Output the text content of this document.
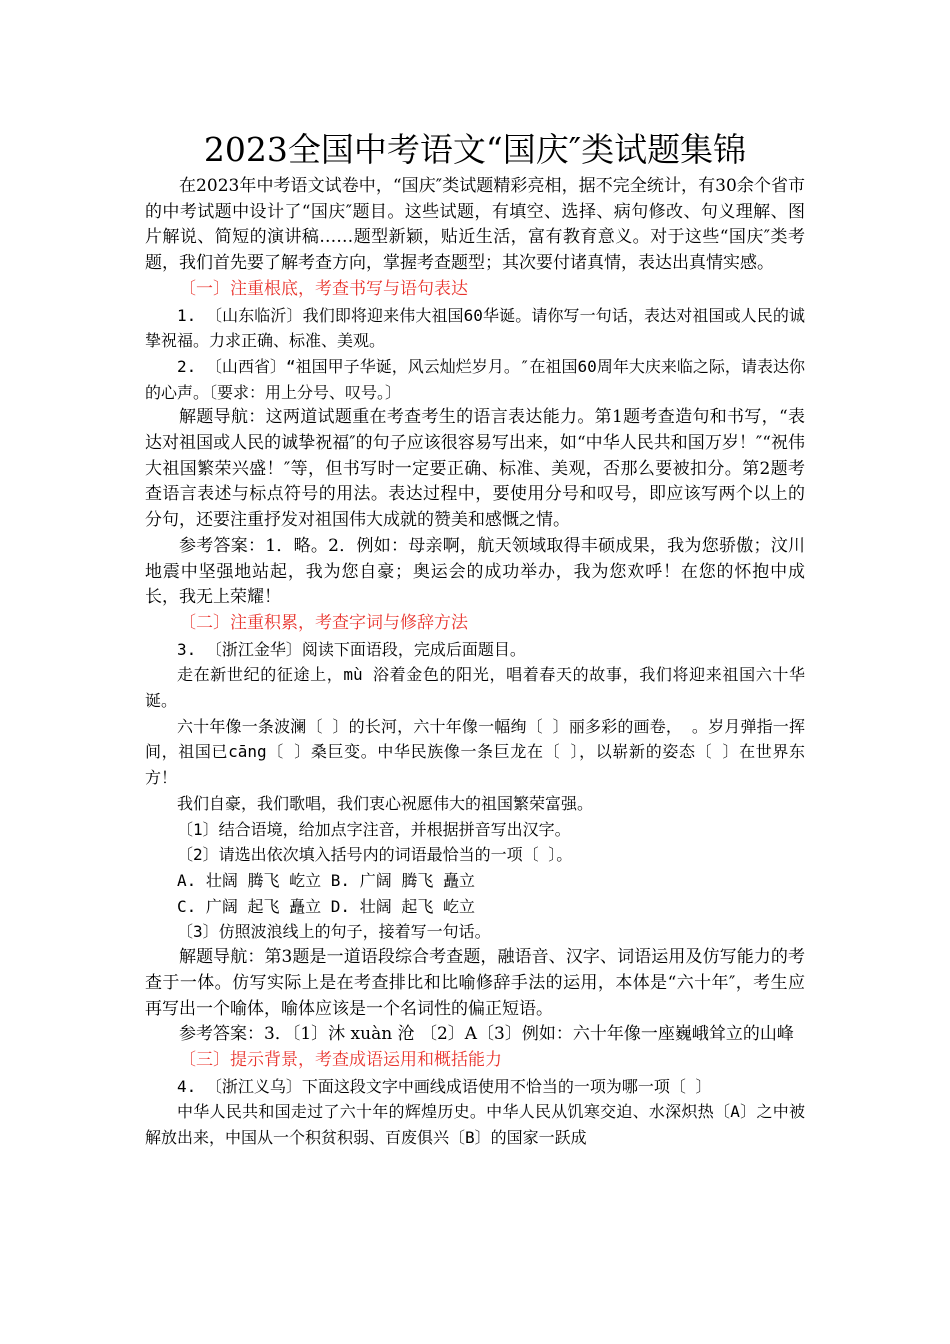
2023全国中考语文“国庆″类试题集锦

在2023年中考语文试卷中，“国庆″类试题精彩亮相，据不完全统计，有30余个省市的中考试题中设计了“国庆″题目。这些试题，有填空、选择、病句修改、句义理解、图片解说、简短的演讲稿……题型新颖，贴近生活，富有教育意义。对于这些“国庆″类考题，我们首先要了解考查方向，掌握考查题型；其次要付诸真情，表达出真情实感。

〔一〕注重根底，考查书写与语句表达

1. 〔山东临沂〕我们即将迎来伟大祖国60华诞。请你写一句话，表达对祖国或人民的诚挚祝福。力求正确、标准、美观。

2. 〔山西省〕“祖国甲子华诞，风云灿烂岁月。″在祖国60周年大庆来临之际，请表达你的心声。〔要求：用上分号、叹号。〕

解题导航：这两道试题重在考查考生的语言表达能力。第1题考查造句和书写，“表达对祖国或人民的诚挚祝福″的句子应该很容易写出来，如“中华人民共和国万岁！″“祝伟大祖国繁荣兴盛！″等，但书写时一定要正确、标准、美观，否那么要被扣分。第2题考查语言表述与标点符号的用法。表达过程中，要使用分号和叹号，即应该写两个以上的分句，还要注重抒发对祖国伟大成就的赞美和感慨之情。

参考答案：1．略。2．例如：母亲啊，航天领域取得丰硕成果，我为您骄傲；汶川地震中坚强地站起，我为您自豪；奥运会的成功举办，我为您欢呼！在您的怀抱中成长，我无上荣耀！

〔二〕注重积累，考查字词与修辞方法

3. 〔浙江金华〕阅读下面语段，完成后面题目。

走在新世纪的征途上，mù 浴着金色的阳光，唱着春天的故事，我们将迎来祖国六十华诞。

六十年像一条波澜〔 〕的长河，六十年像一幅绚〔 〕丽多彩的画卷， 。岁月弹指一挥间，祖国已cāng〔 〕桑巨变。中华民族像一条巨龙在〔 〕，以崭新的姿态〔 〕在世界东方！

我们自豪，我们歌唱，我们衷心祝愿伟大的祖国繁荣富强。

〔1〕结合语境，给加点字注音，并根据拼音写出汉字。

〔2〕请选出依次填入括号内的词语最恰当的一项〔 〕。

A. 壮阔 腾飞 屹立 B. 广阔 腾飞 矗立

C. 广阔 起飞 矗立 D. 壮阔 起飞 屹立

〔3〕仿照波浪线上的句子，接着写一句话。

解题导航：第3题是一道语段综合考查题，融语音、汉字、词语运用及仿写能力的考查于一体。仿写实际上是在考查排比和比喻修辞手法的运用，本体是“六十年″，考生应再写出一个喻体，喻体应该是一个名词性的偏正短语。

参考答案：3．〔1〕沐 xuàn 沧 〔2〕A〔3〕例如：六十年像一座巍峨耸立的山峰

〔三〕提示背景，考查成语运用和概括能力

4. 〔浙江义乌〕下面这段文字中画线成语使用不恰当的一项为哪一项〔 〕

中华人民共和国走过了六十年的辉煌历史。中华人民从饥寒交迫、水深炽热〔A〕之中被解放出来，中国从一个积贫积弱、百废俱兴〔B〕的国家一跃成
